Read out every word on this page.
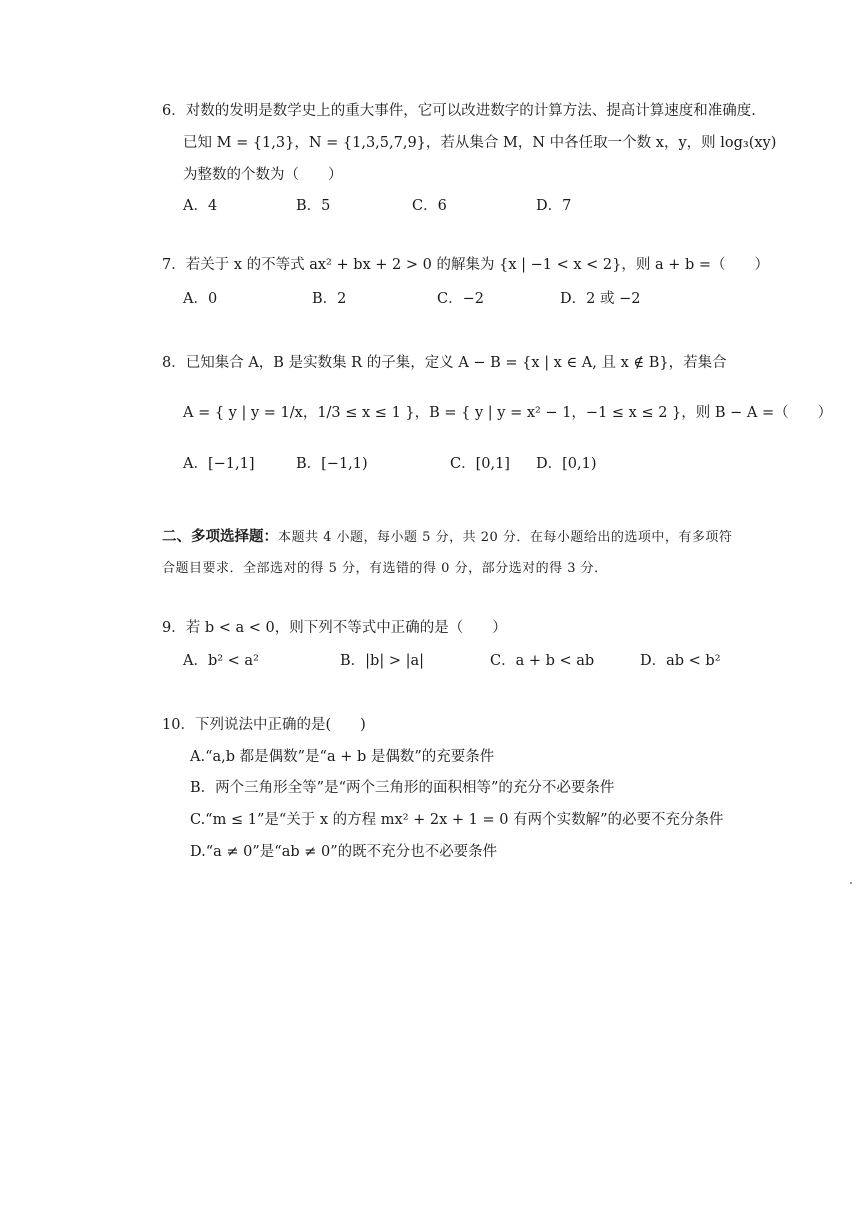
6．对数的发明是数学史上的重大事件，它可以改进数字的计算方法、提高计算速度和准确度.
已知 M = {1,3}，N = {1,3,5,7,9}，若从集合 M，N 中各任取一个数 x，y，则 log₃(xy)
为整数的个数为（　　）
A．4	B．5	C．6	D．7
7．若关于 x 的不等式 ax² + bx + 2 > 0 的解集为 {x | −1 < x < 2}，则 a + b =（　　）
A．0	B．2	C．−2	D．2 或 −2
8．已知集合 A，B 是实数集 R 的子集，定义 A − B = {x | x ∈ A, 且 x ∉ B}，若集合
A = { y | y = 1/x，1/3 ≤ x ≤ 1 }，B = { y | y = x² − 1，−1 ≤ x ≤ 2 }，则 B − A =（　　）
A．[−1,1]	B．[−1,1)	C．[0,1] D．[0,1)
二、多项选择题：本题共 4 小题，每小题 5 分，共 20 分．在每小题给出的选项中，有多项符
合题目要求．全部选对的得 5 分，有选错的得 0 分，部分选对的得 3 分．
9．若 b < a < 0，则下列不等式中正确的是（　　）
A．b² < a²	B．|b| > |a|	C．a + b < ab	D．ab < b²
10．下列说法中正确的是(　　)
A.“a,b 都是偶数”是“a + b 是偶数”的充要条件
B．两个三角形全等”是“两个三角形的面积相等”的充分不必要条件
C.“m ≤ 1”是“关于 x 的方程 mx² + 2x + 1 = 0 有两个实数解”的必要不充分条件
D.“a ≠ 0”是“ab ≠ 0”的既不充分也不必要条件
